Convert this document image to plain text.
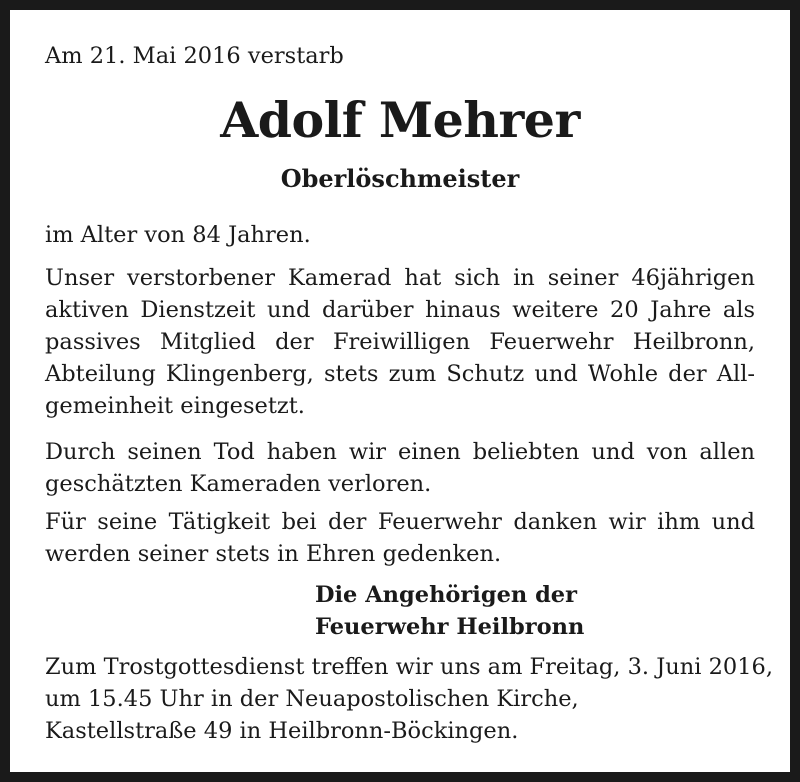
Am 21. Mai 2016 verstarb
Adolf Mehrer
Oberlöschmeister
im Alter von 84 Jahren.
Unser verstorbener Kamerad hat sich in seiner 46jährigen
aktiven Dienstzeit und darüber hinaus weitere 20 Jahre als
passives Mitglied der Freiwilligen Feuerwehr Heilbronn,
Abteilung Klingenberg, stets zum Schutz und Wohle der All-
gemeinheit eingesetzt.
Durch seinen Tod haben wir einen beliebten und von allen
geschätzten Kameraden verloren.
Für seine Tätigkeit bei der Feuerwehr danken wir ihm und
werden seiner stets in Ehren gedenken.
Die Angehörigen der
Feuerwehr Heilbronn
Zum Trostgottesdienst treffen wir uns am Freitag, 3. Juni 2016,
um 15.45 Uhr in der Neuapostolischen Kirche,
Kastellstraße 49 in Heilbronn-Böckingen.
